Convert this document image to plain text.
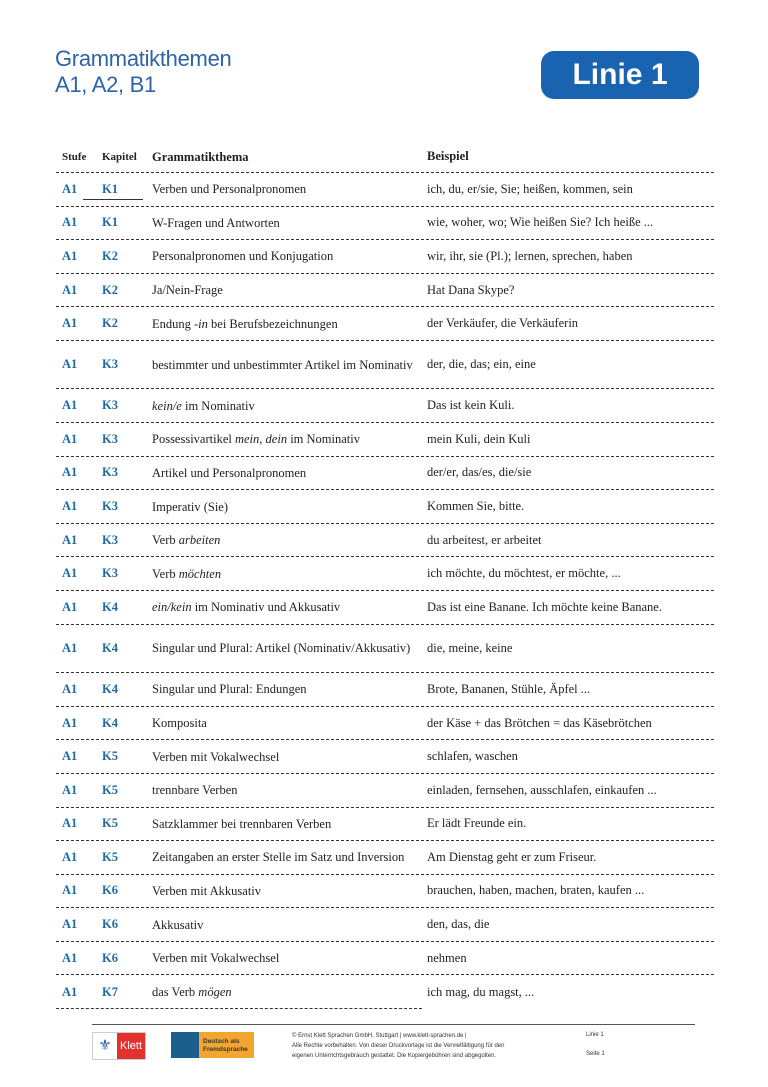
Grammatikthemen
A1, A2, B1	Linie 1
Stufe	Kapitel	Grammatikthema	Beispiel
A1	K1	Verben und Personalpronomen	ich, du, er/sie, Sie; heißen, kommen, sein
A1	K1	W-Fragen und Antworten	wie, woher, wo; Wie heißen Sie? Ich heiße ...
A1	K2	Personalpronomen und Konjugation	wir, ihr, sie (Pl.); lernen, sprechen, haben
A1	K2	Ja/Nein-Frage	Hat Dana Skype?
A1	K2	Endung -in bei Berufsbezeichnungen	der Verkäufer, die Verkäuferin
A1	K3	bestimmter und unbestimmter Artikel im Nominativ	der, die, das; ein, eine
A1	K3	kein/e im Nominativ	Das ist kein Kuli.
A1	K3	Possessivartikel mein, dein im Nominativ	mein Kuli, dein Kuli
A1	K3	Artikel und Personalpronomen	der/er, das/es, die/sie
A1	K3	Imperativ (Sie)	Kommen Sie, bitte.
A1	K3	Verb arbeiten	du arbeitest, er arbeitet
A1	K3	Verb möchten	ich möchte, du möchtest, er möchte, ...
A1	K4	ein/kein im Nominativ und Akkusativ	Das ist eine Banane. Ich möchte keine Banane.
A1	K4	Singular und Plural: Artikel (Nominativ/Akkusativ)	die, meine, keine
A1	K4	Singular und Plural: Endungen	Brote, Bananen, Stühle, Äpfel ...
A1	K4	Komposita	der Käse + das Brötchen = das Käsebrötchen
A1	K5	Verben mit Vokalwechsel	schlafen, waschen
A1	K5	trennbare Verben	einladen, fernsehen, ausschlafen, einkaufen ...
A1	K5	Satzklammer bei trennbaren Verben	Er lädt Freunde ein.
A1	K5	Zeitangaben an erster Stelle im Satz und Inversion	Am Dienstag geht er zum Friseur.
A1	K6	Verben mit Akkusativ	brauchen, haben, machen, braten, kaufen ...
A1	K6	Akkusativ	den, das, die
A1	K6	Verben mit Vokalwechsel	nehmen
A1	K7	das Verb mögen	ich mag, du magst, ...
⚜ Klett	Deutsch als Fremdsprache
© Ernst Klett Sprachen GmbH, Stuttgart | www.klett-sprachen.de |
Alle Rechte vorbehalten. Von dieser Druckvorlage ist die Vervielfältigung für den
eigenen Unterrichtsgebrauch gestattet. Die Kopiergebühren sind abgegolten.
Linie 1
Seite 1
